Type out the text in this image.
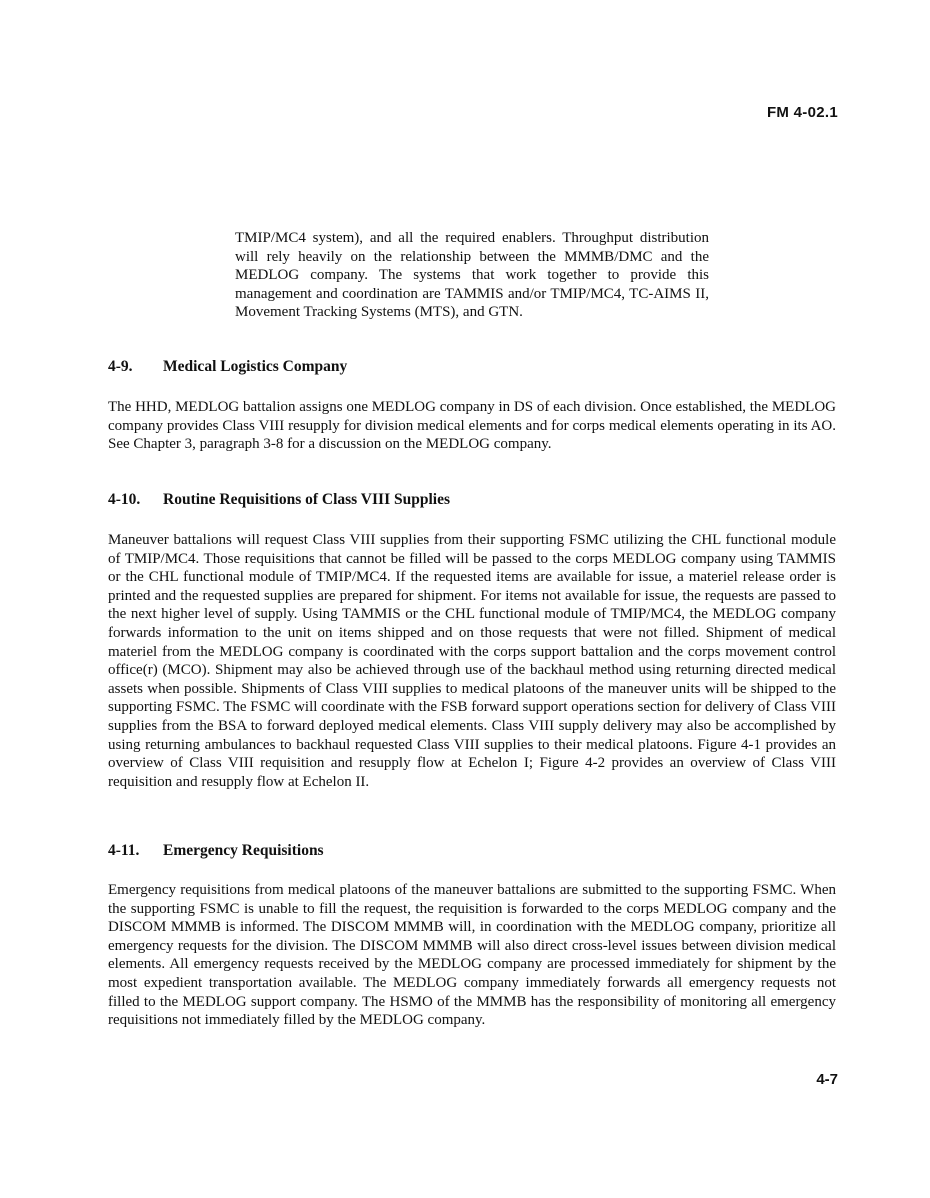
FM 4-02.1
TMIP/MC4 system), and all the required enablers. Throughput distribution will rely heavily on the relationship between the MMMB/DMC and the MEDLOG company. The systems that work together to provide this management and coordination are TAMMIS and/or TMIP/MC4, TC-AIMS II, Movement Tracking Systems (MTS), and GTN.
4-9.	Medical Logistics Company
The HHD, MEDLOG battalion assigns one MEDLOG company in DS of each division. Once established, the MEDLOG company provides Class VIII resupply for division medical elements and for corps medical elements operating in its AO. See Chapter 3, paragraph 3-8 for a discussion on the MEDLOG company.
4-10.	Routine Requisitions of Class VIII Supplies
Maneuver battalions will request Class VIII supplies from their supporting FSMC utilizing the CHL functional module of TMIP/MC4. Those requisitions that cannot be filled will be passed to the corps MEDLOG company using TAMMIS or the CHL functional module of TMIP/MC4. If the requested items are available for issue, a materiel release order is printed and the requested supplies are prepared for shipment. For items not available for issue, the requests are passed to the next higher level of supply. Using TAMMIS or the CHL functional module of TMIP/MC4, the MEDLOG company forwards information to the unit on items shipped and on those requests that were not filled. Shipment of medical materiel from the MEDLOG company is coordinated with the corps support battalion and the corps movement control office(r) (MCO). Shipment may also be achieved through use of the backhaul method using returning directed medical assets when possible. Shipments of Class VIII supplies to medical platoons of the maneuver units will be shipped to the supporting FSMC. The FSMC will coordinate with the FSB forward support operations section for delivery of Class VIII supplies from the BSA to forward deployed medical elements. Class VIII supply delivery may also be accomplished by using returning ambulances to backhaul requested Class VIII supplies to their medical platoons. Figure 4-1 provides an overview of Class VIII requisition and resupply flow at Echelon I; Figure 4-2 provides an overview of Class VIII requisition and resupply flow at Echelon II.
4-11.	Emergency Requisitions
Emergency requisitions from medical platoons of the maneuver battalions are submitted to the supporting FSMC. When the supporting FSMC is unable to fill the request, the requisition is forwarded to the corps MEDLOG company and the DISCOM MMMB is informed. The DISCOM MMMB will, in coordination with the MEDLOG company, prioritize all emergency requests for the division. The DISCOM MMMB will also direct cross-level issues between division medical elements. All emergency requests received by the MEDLOG company are processed immediately for shipment by the most expedient transportation available. The MEDLOG company immediately forwards all emergency requests not filled to the MEDLOG support company. The HSMO of the MMMB has the responsibility of monitoring all emergency requisitions not immediately filled by the MEDLOG company.
4-7
